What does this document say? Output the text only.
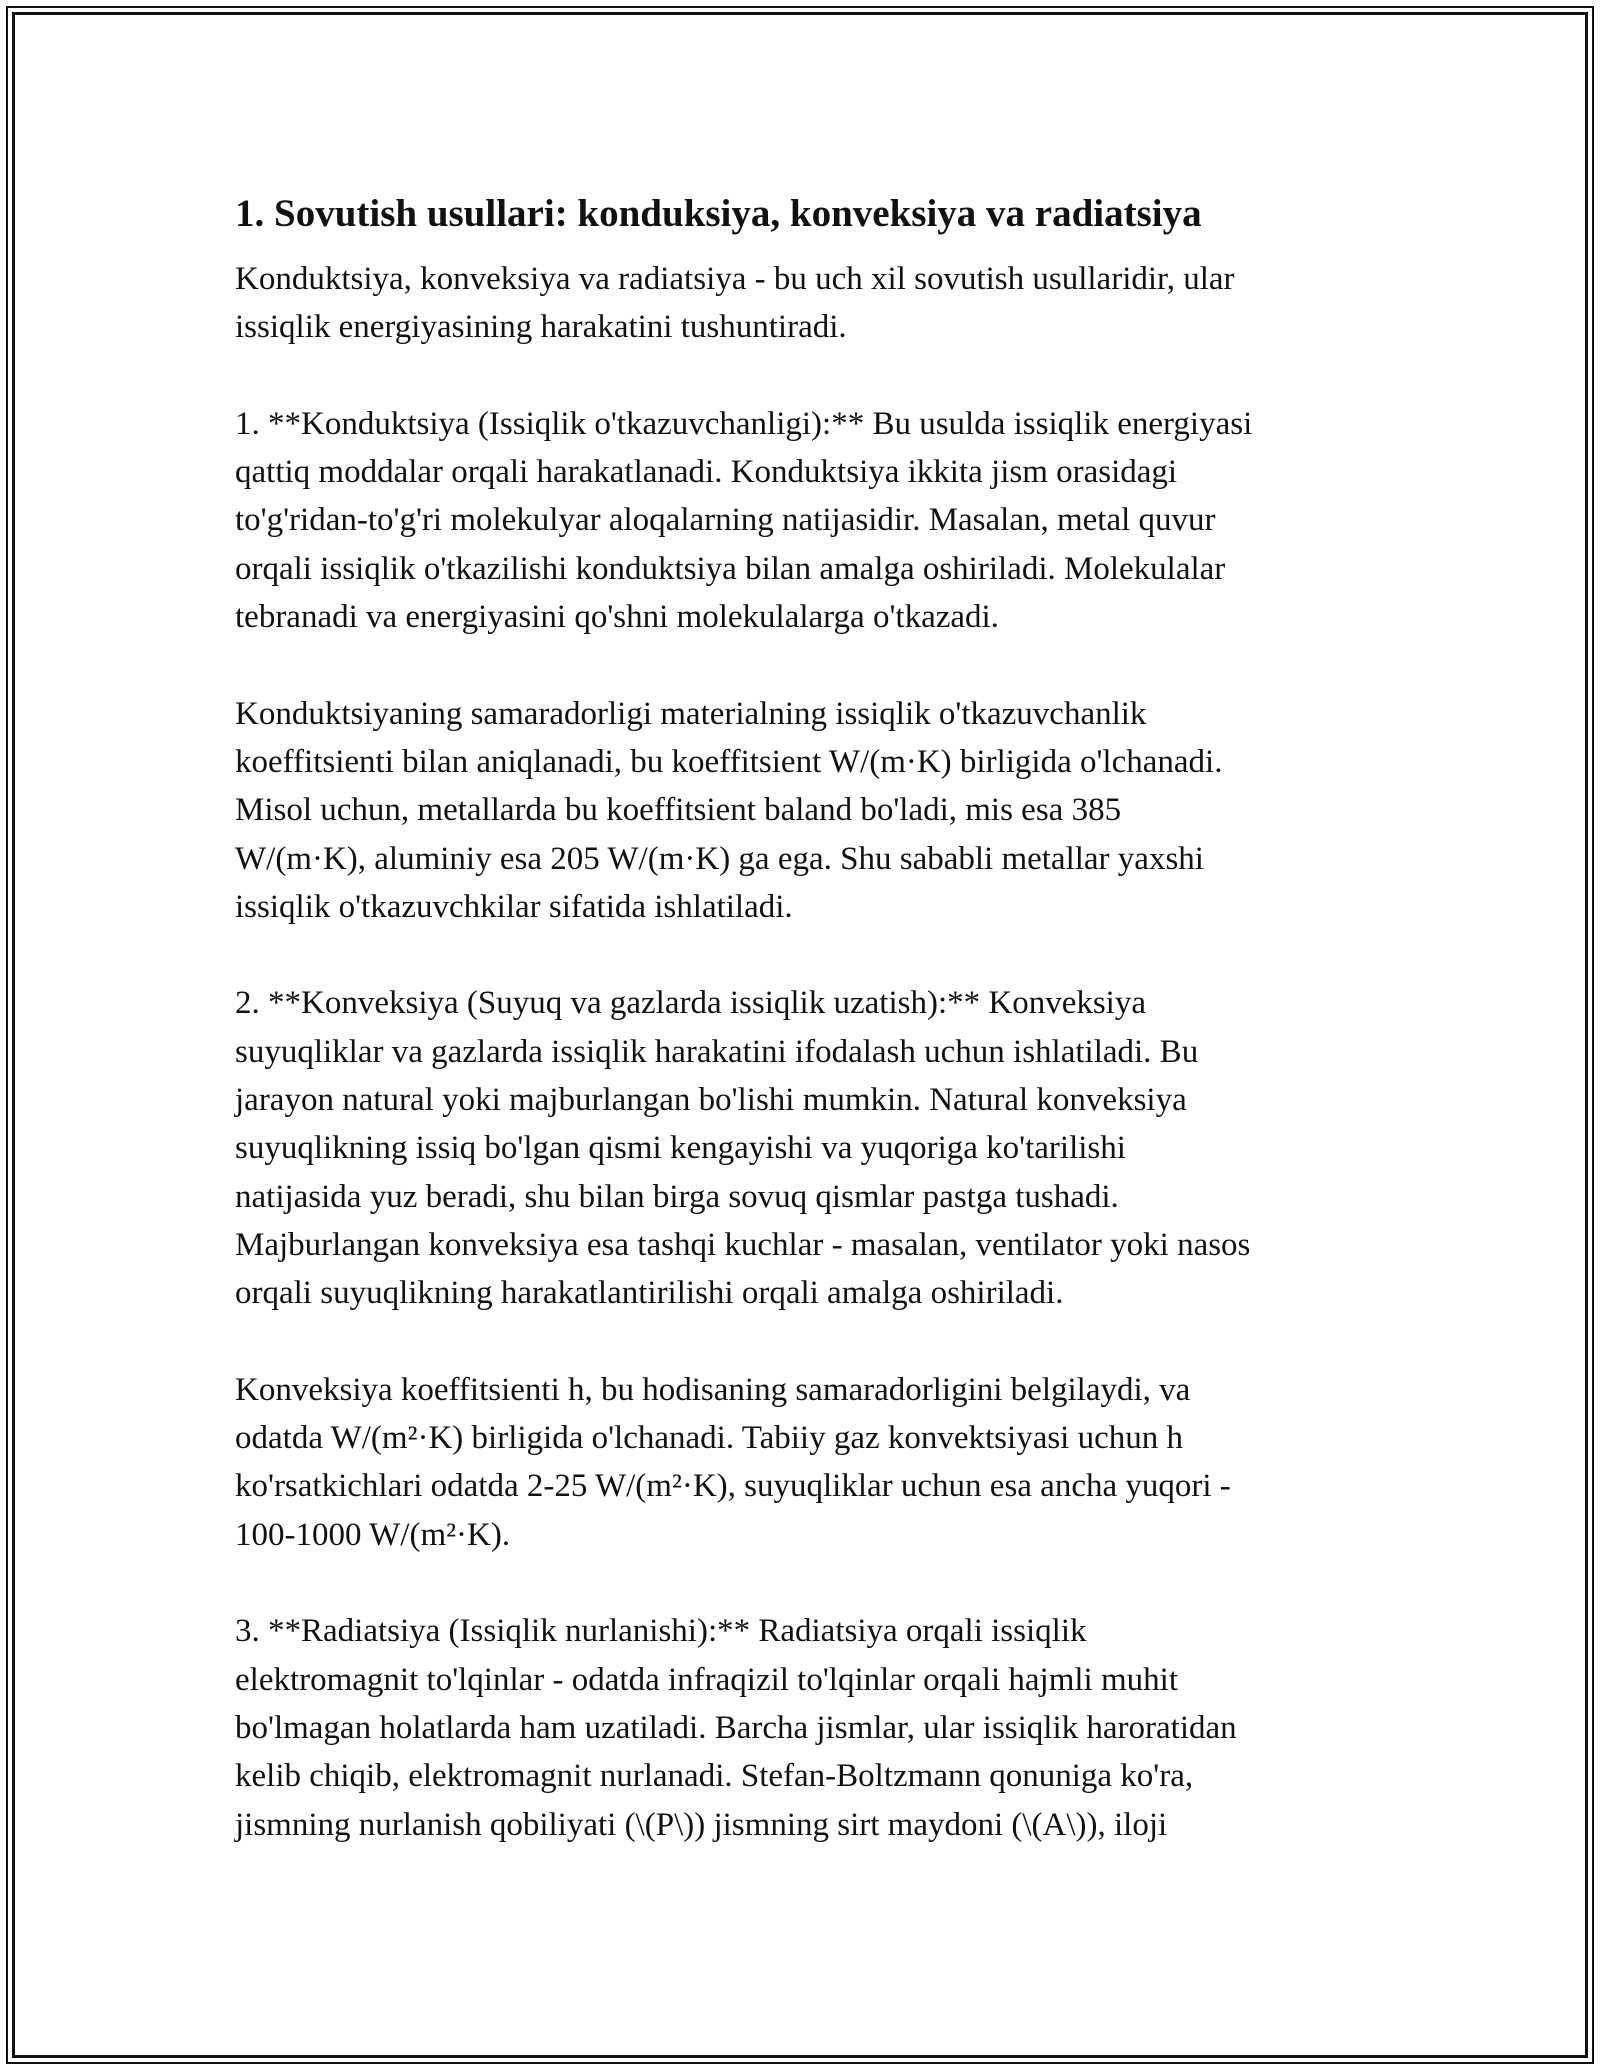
1. Sovutish usullari: konduksiya, konveksiya va radiatsiya

Konduktsiya, konveksiya va radiatsiya - bu uch xil sovutish usullaridir, ular
issiqlik energiyasining harakatini tushuntiradi.

1. **Konduktsiya (Issiqlik o'tkazuvchanligi):** Bu usulda issiqlik energiyasi
qattiq moddalar orqali harakatlanadi. Konduktsiya ikkita jism orasidagi
to'g'ridan-to'g'ri molekulyar aloqalarning natijasidir. Masalan, metal quvur
orqali issiqlik o'tkazilishi konduktsiya bilan amalga oshiriladi. Molekulalar
tebranadi va energiyasini qo'shni molekulalarga o'tkazadi.

Konduktsiyaning samaradorligi materialning issiqlik o'tkazuvchanlik
koeffitsienti bilan aniqlanadi, bu koeffitsient W/(m·K) birligida o'lchanadi.
Misol uchun, metallarda bu koeffitsient baland bo'ladi, mis esa 385
W/(m·K), aluminiy esa 205 W/(m·K) ga ega. Shu sababli metallar yaxshi
issiqlik o'tkazuvchkilar sifatida ishlatiladi.

2. **Konveksiya (Suyuq va gazlarda issiqlik uzatish):** Konveksiya
suyuqliklar va gazlarda issiqlik harakatini ifodalash uchun ishlatiladi. Bu
jarayon natural yoki majburlangan bo'lishi mumkin. Natural konveksiya
suyuqlikning issiq bo'lgan qismi kengayishi va yuqoriga ko'tarilishi
natijasida yuz beradi, shu bilan birga sovuq qismlar pastga tushadi.
Majburlangan konveksiya esa tashqi kuchlar - masalan, ventilator yoki nasos
orqali suyuqlikning harakatlantirilishi orqali amalga oshiriladi.

Konveksiya koeffitsienti h, bu hodisaning samaradorligini belgilaydi, va
odatda W/(m²·K) birligida o'lchanadi. Tabiiy gaz konvektsiyasi uchun h
ko'rsatkichlari odatda 2-25 W/(m²·K), suyuqliklar uchun esa ancha yuqori -
100-1000 W/(m²·K).

3. **Radiatsiya (Issiqlik nurlanishi):** Radiatsiya orqali issiqlik
elektromagnit to'lqinlar - odatda infraqizil to'lqinlar orqali hajmli muhit
bo'lmagan holatlarda ham uzatiladi. Barcha jismlar, ular issiqlik haroratidan
kelib chiqib, elektromagnit nurlanadi. Stefan-Boltzmann qonuniga ko'ra,
jismning nurlanish qobiliyati (\(P\)) jismning sirt maydoni (\(A\)), iloji
